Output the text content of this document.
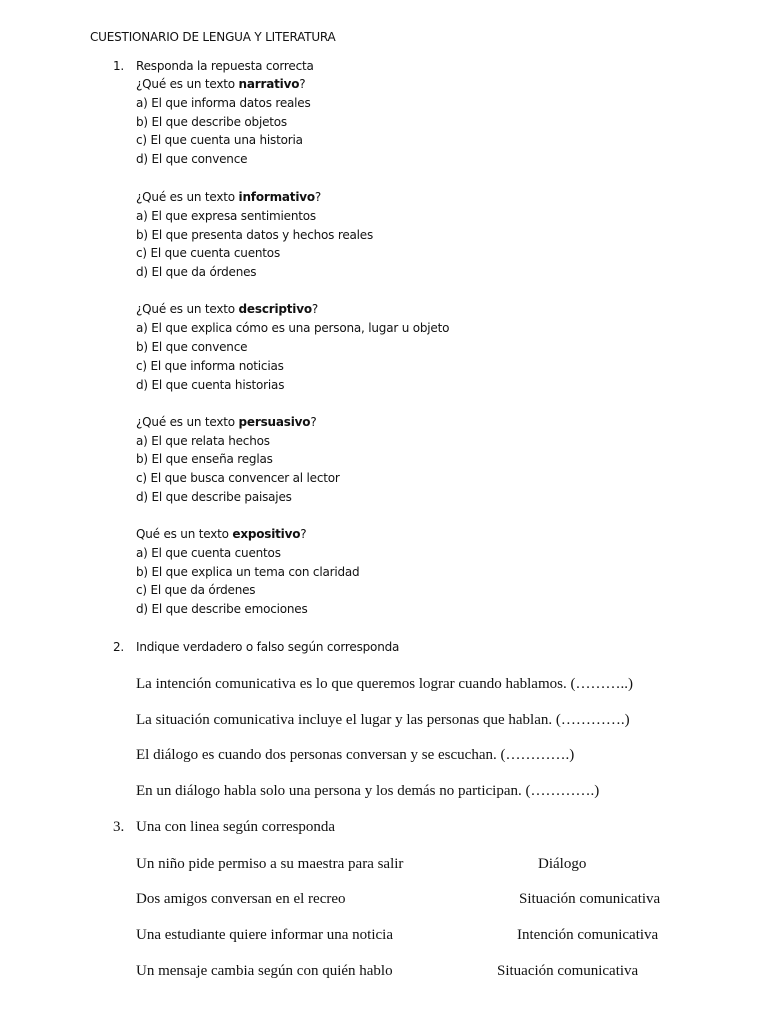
CUESTIONARIO DE LENGUA Y LITERATURA
1. Responda la repuesta correcta
¿Qué es un texto narrativo?
a) El que informa datos reales
b) El que describe objetos
c) El que cuenta una historia
d) El que convence
¿Qué es un texto informativo?
a) El que expresa sentimientos
b) El que presenta datos y hechos reales
c) El que cuenta cuentos
d) El que da órdenes
¿Qué es un texto descriptivo?
a) El que explica cómo es una persona, lugar u objeto
b) El que convence
c) El que informa noticias
d) El que cuenta historias
¿Qué es un texto persuasivo?
a) El que relata hechos
b) El que enseña reglas
c) El que busca convencer al lector
d) El que describe paisajes
Qué es un texto expositivo?
a) El que cuenta cuentos
b) El que explica un tema con claridad
c) El que da órdenes
d) El que describe emociones
2. Indique verdadero o falso según corresponda
La intención comunicativa es lo que queremos lograr cuando hablamos. (………..)
La situación comunicativa incluye el lugar y las personas que hablan. (………….)
El diálogo es cuando dos personas conversan y se escuchan. (………….)
En un diálogo habla solo una persona y los demás no participan. (………….)
3. Una con linea según corresponda
Un niño pide permiso a su maestra para salir	Diálogo
Dos amigos conversan en el recreo	Situación comunicativa
Una estudiante quiere informar una noticia	Intención comunicativa
Un mensaje cambia según con quién hablo	Situación comunicativa
